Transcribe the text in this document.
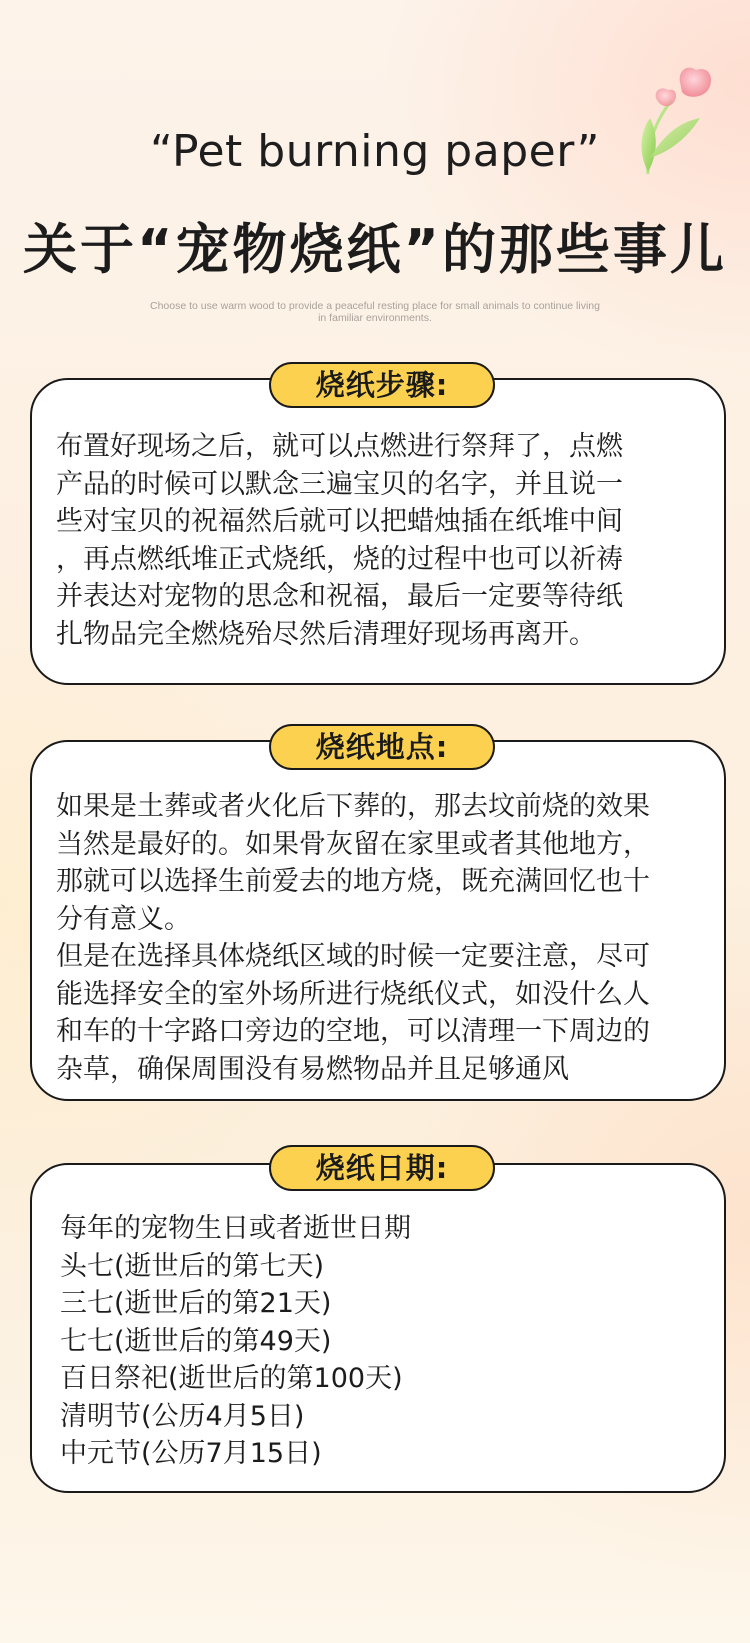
“Pet burning paper”
关于“宠物烧纸”的那些事儿
Choose to use warm wood to provide a peaceful resting place for small animals to continue living in familiar environments.
烧纸步骤:
布置好现场之后，就可以点燃进行祭拜了，点燃
产品的时候可以默念三遍宝贝的名字，并且说一
些对宝贝的祝福然后就可以把蜡烛插在纸堆中间
，再点燃纸堆正式烧纸，烧的过程中也可以祈祷
并表达对宠物的思念和祝福，最后一定要等待纸
扎物品完全燃烧殆尽然后清理好现场再离开。
烧纸地点:
如果是土葬或者火化后下葬的，那去坟前烧的效果
当然是最好的。如果骨灰留在家里或者其他地方，
那就可以选择生前爱去的地方烧，既充满回忆也十
分有意义。
但是在选择具体烧纸区域的时候一定要注意，尽可
能选择安全的室外场所进行烧纸仪式，如没什么人
和车的十字路口旁边的空地，可以清理一下周边的
杂草，确保周围没有易燃物品并且足够通风
烧纸日期:
每年的宠物生日或者逝世日期
头七(逝世后的第七天)
三七(逝世后的第21天)
七七(逝世后的第49天)
百日祭祀(逝世后的第100天)
清明节(公历4月5日)
中元节(公历7月15日)
